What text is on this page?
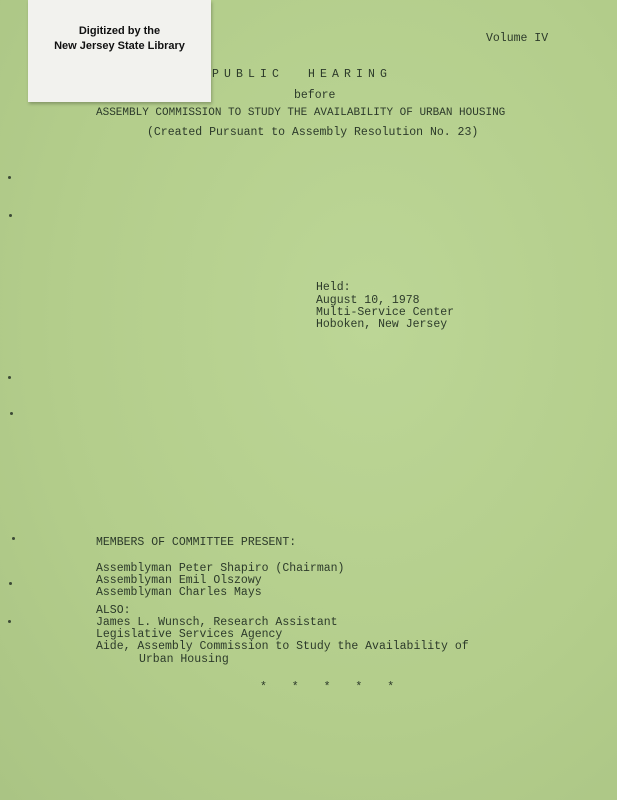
Digitized by the
New Jersey State Library
Volume IV
PUBLIC  HEARING
before
ASSEMBLY COMMISSION TO STUDY THE AVAILABILITY OF URBAN HOUSING
(Created Pursuant to Assembly Resolution No. 23)
Held:
August 10, 1978
Multi-Service Center
Hoboken, New Jersey
MEMBERS OF COMMITTEE PRESENT:
Assemblyman Peter Shapiro (Chairman)
Assemblyman Emil Olszowy
Assemblyman Charles Mays
ALSO:
James L. Wunsch, Research Assistant
Legislative Services Agency
Aide, Assembly Commission to Study the Availability of
Urban Housing
* * * * *
